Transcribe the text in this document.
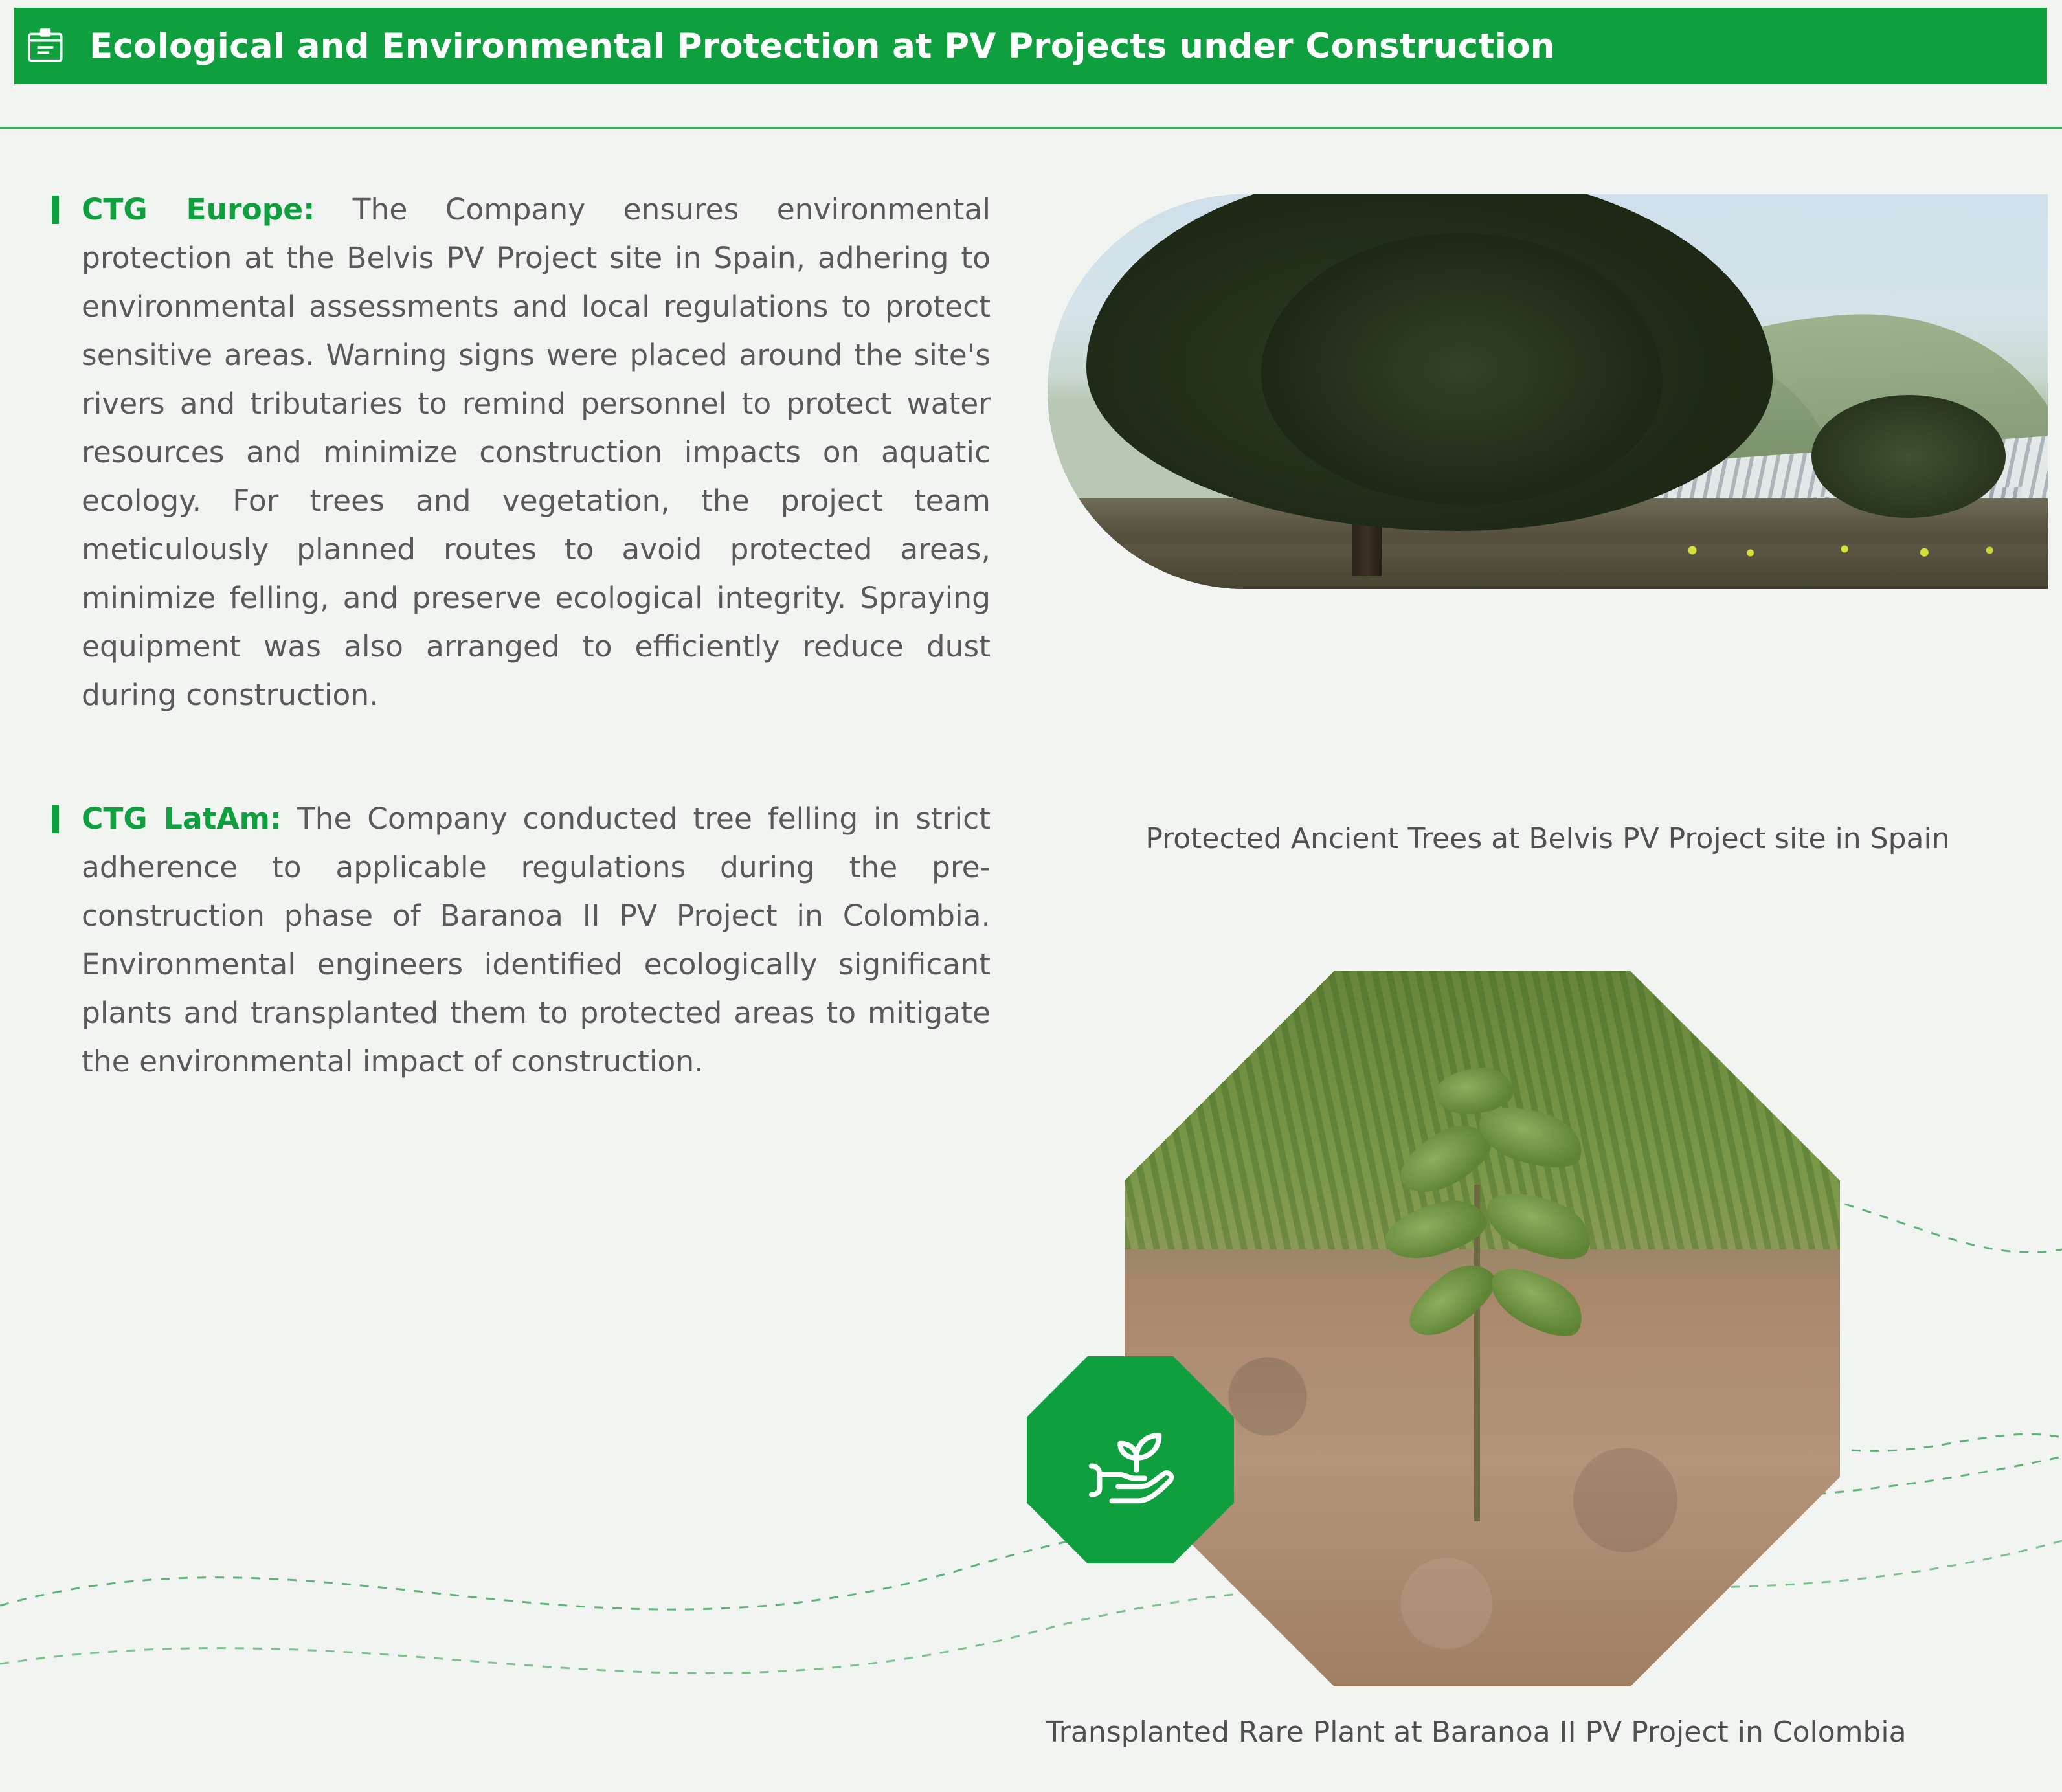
Ecological and Environmental Protection at PV Projects under Construction
CTG Europe: The Company ensures environmental protection at the Belvis PV Project site in Spain, adhering to environmental assessments and local regulations to protect sensitive areas. Warning signs were placed around the site's rivers and tributaries to remind personnel to protect water resources and minimize construction impacts on aquatic ecology. For trees and vegetation, the project team meticulously planned routes to avoid protected areas, minimize felling, and preserve ecological integrity. Spraying equipment was also arranged to efficiently reduce dust during construction.
CTG LatAm: The Company conducted tree felling in strict adherence to applicable regulations during the pre-construction phase of Baranoa II PV Project in Colombia. Environmental engineers identified ecologically significant plants and transplanted them to protected areas to mitigate the environmental impact of construction.
Protected Ancient Trees at Belvis PV Project site in Spain
Transplanted Rare Plant at Baranoa II PV Project in Colombia
